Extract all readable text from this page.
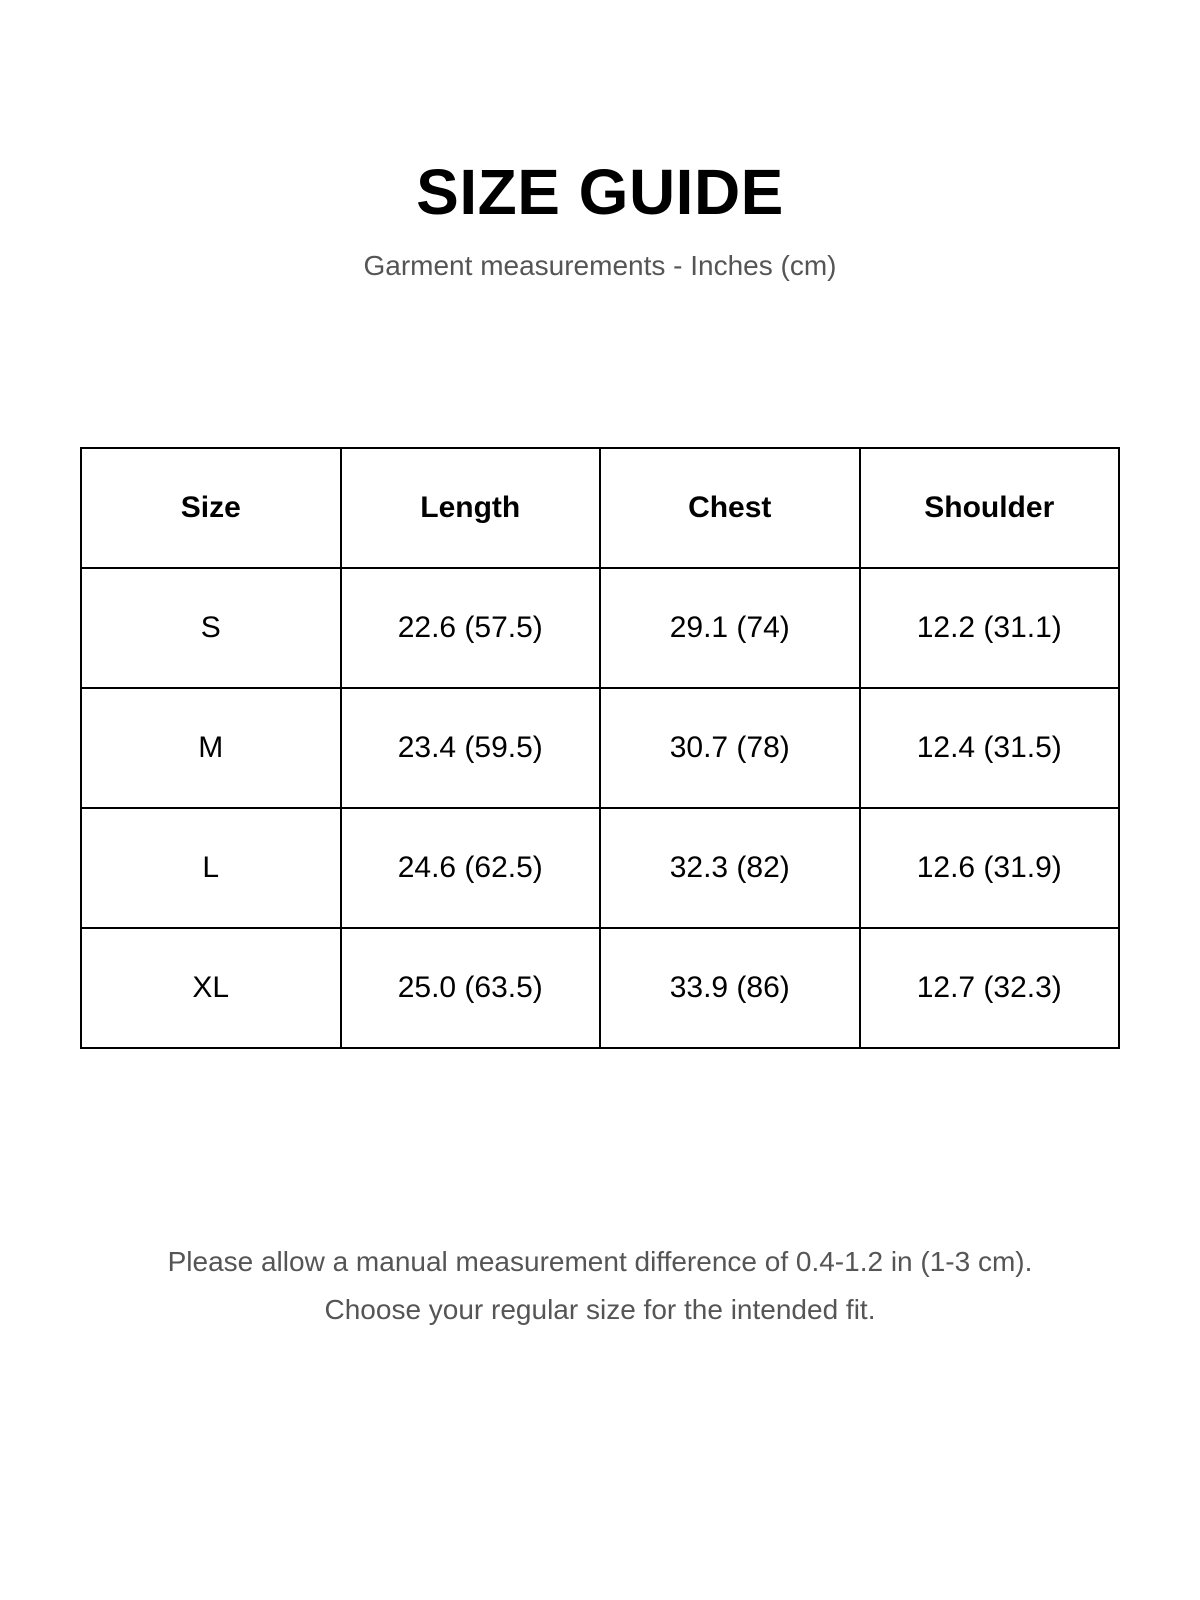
SIZE GUIDE
Garment measurements - Inches (cm)
Size	Length	Chest	Shoulder
S	22.6 (57.5)	29.1 (74)	12.2 (31.1)
M	23.4 (59.5)	30.7 (78)	12.4 (31.5)
L	24.6 (62.5)	32.3 (82)	12.6 (31.9)
XL	25.0 (63.5)	33.9 (86)	12.7 (32.3)
Please allow a manual measurement difference of 0.4-1.2 in (1-3 cm).
Choose your regular size for the intended fit.
